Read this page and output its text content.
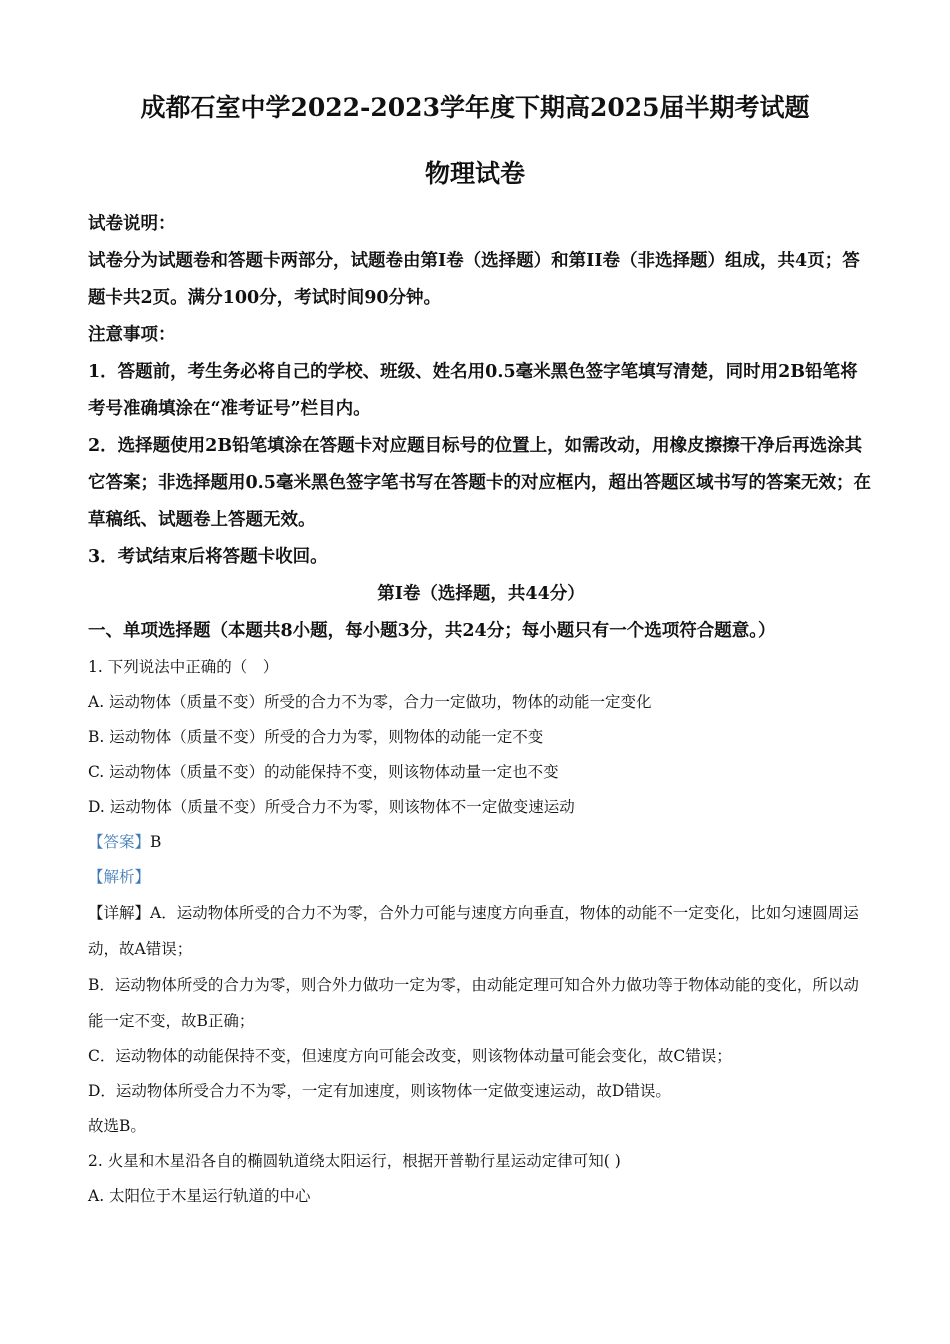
成都石室中学2022-2023学年度下期高2025届半期考试题
物理试卷

试卷说明：

试卷分为试题卷和答题卡两部分，试题卷由第I卷（选择题）和第II卷（非选择题）组成，共4页；答题卡共2页。满分100分，考试时间90分钟。

注意事项：

1．答题前，考生务必将自己的学校、班级、姓名用0.5毫米黑色签字笔填写清楚，同时用2B铅笔将考号准确填涂在“准考证号”栏目内。

2．选择题使用2B铅笔填涂在答题卡对应题目标号的位置上，如需改动，用橡皮擦擦干净后再选涂其它答案；非选择题用0.5毫米黑色签字笔书写在答题卡的对应框内，超出答题区域书写的答案无效；在草稿纸、试题卷上答题无效。

3．考试结束后将答题卡收回。

第I卷（选择题，共44分）

一、单项选择题（本题共8小题，每小题3分，共24分；每小题只有一个选项符合题意。）

1. 下列说法中正确的（　）

A. 运动物体（质量不变）所受的合力不为零，合力一定做功，物体的动能一定变化

B. 运动物体（质量不变）所受的合力为零，则物体的动能一定不变

C. 运动物体（质量不变）的动能保持不变，则该物体动量一定也不变

D. 运动物体（质量不变）所受合力不为零，则该物体不一定做变速运动

【答案】B

【解析】

【详解】A．运动物体所受的合力不为零，合外力可能与速度方向垂直，物体的动能不一定变化，比如匀速圆周运动，故A错误；

B．运动物体所受的合力为零，则合外力做功一定为零，由动能定理可知合外力做功等于物体动能的变化，所以动能一定不变，故B正确；

C．运动物体的动能保持不变，但速度方向可能会改变，则该物体动量可能会变化，故C错误；

D．运动物体所受合力不为零，一定有加速度，则该物体一定做变速运动，故D错误。

故选B。

2. 火星和木星沿各自的椭圆轨道绕太阳运行，根据开普勒行星运动定律可知( )

A. 太阳位于木星运行轨道的中心
